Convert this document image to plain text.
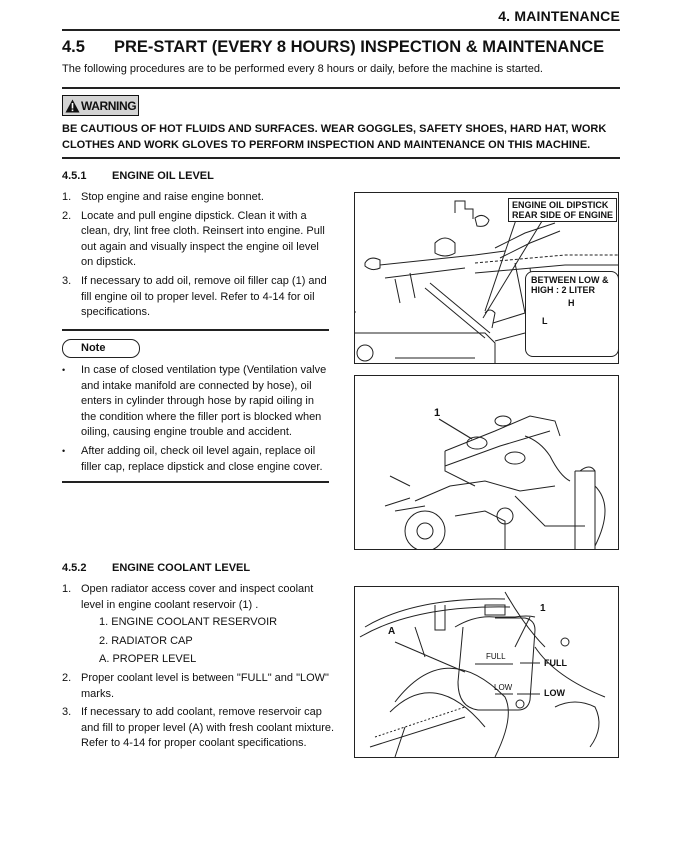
4. MAINTENANCE
4.5 PRE-START (EVERY 8 HOURS) INSPECTION & MAINTENANCE
The following procedures are to be performed every 8 hours or daily, before the machine is started.
WARNING
BE CAUTIOUS OF HOT FLUIDS AND SURFACES. WEAR GOGGLES, SAFETY SHOES, HARD HAT, WORK CLOTHES AND WORK GLOVES TO PERFORM INSPECTION AND MAINTENANCE ON THIS MACHINE.
4.5.1 ENGINE OIL LEVEL
1. Stop engine and raise engine bonnet.
2. Locate and pull engine dipstick. Clean it with a clean, dry, lint free cloth. Reinsert into engine. Pull out again and visually inspect the engine oil level on dipstick.
3. If necessary to add oil, remove oil filler cap (1) and fill engine oil to proper level. Refer to 4-14 for oil specifications.
Note
• In case of closed ventilation type (Ventilation valve and intake manifold are connected by hose), oil enters in cylinder through hose by rapid oiling in the condition where the filler port is blocked when oiling, causing engine trouble and accident.
• After adding oil, check oil level again, replace oil filler cap, replace dipstick and close engine cover.
ENGINE OIL DIPSTICK
REAR SIDE OF ENGINE
BETWEEN LOW &
HIGH : 2 LITER
H
L
1
4.5.2 ENGINE COOLANT LEVEL
1. Open radiator access cover and inspect coolant level in engine coolant reservoir (1) .
1. ENGINE COOLANT RESERVOIR
2. RADIATOR CAP
A. PROPER LEVEL
2. Proper coolant level is between "FULL" and "LOW" marks.
3. If necessary to add coolant, remove reservoir cap and fill to proper level (A) with fresh coolant mixture. Refer to 4-14 for proper coolant specifications.
1
A
FULL
LOW
FULL
LOW
